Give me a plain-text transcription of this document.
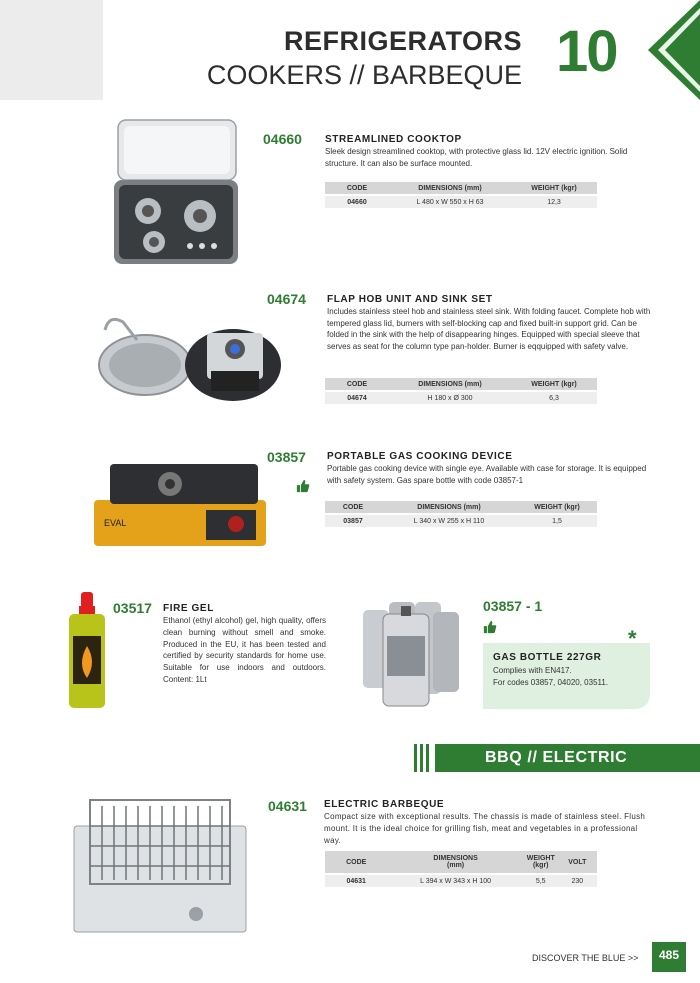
REFRIGERATORS
COOKERS // BARBEQUE 10
04660 STREAMLINED COOKTOP
Sleek design streamlined cooktop, with protective glass lid. 12V electric ignition. Solid structure. It can also be surface mounted.
CODE	DIMENSIONS (mm)	WEIGHT (kgr)
04660	L 480 x W 550 x H 63	12,3
04674 FLAP HOB UNIT AND SINK SET
Includes stainless steel hob and stainless steel sink. With folding faucet. Complete hob with tempered glass lid, burners with self-blocking cap and fixed built-in support grid. Can be folded in the sink with the help of disappearing hinges. Equipped with special sleeve that serves as seat for the column type pan-holder. Burner is eqquipped with safety valve.
CODE	DIMENSIONS (mm)	WEIGHT (kgr)
04674	H 180 x Ø 300	6,3
EVAL
03857 PORTABLE GAS COOKING DEVICE
Portable gas cooking device with single eye. Available with case for storage. It is equipped with safety system. Gas spare bottle with code 03857-1
CODE	DIMENSIONS (mm)	WEIGHT (kgr)
03857	L 340 x W 255 x H 110	1,5
03517 FIRE GEL
Ethanol (ethyl alcohol) gel, high quality, offers clean burning without smell and smoke. Produced in the EU, it has been tested and certified by security standards for home use. Suitable for use indoors and outdoors. Content: 1Lt
03857 - 1
*
GAS BOTTLE 227GR
Complies with EN417.
For codes 03857, 04020, 03511.
BBQ // ELECTRIC
04631 ELECTRIC BARBEQUE
Compact size with exceptional results. The chassis is made of stainless steel. Flush mount. It is the ideal choice for grilling fish, meat and vegetables in a professional way.
CODE	DIMENSIONS (mm)	WEIGHT (kgr)	VOLT
04631	L 394 x W 343 x H 100	5,5	230
DISCOVER THE BLUE >>	485
